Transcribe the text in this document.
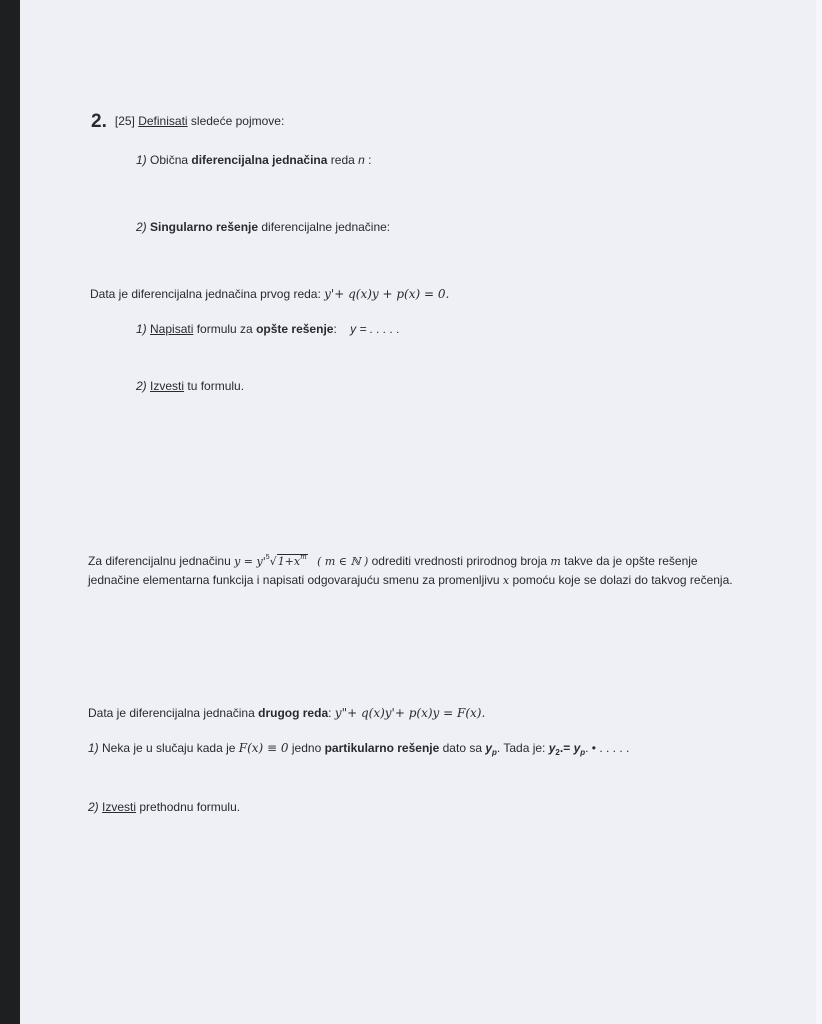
2. [25] Definisati sledeće pojmove:
1) Obična diferencijalna jednačina reda n :
2) Singularno rešenje diferencijalne jednačine:
Data je diferencijalna jednačina prvog reda: y'+ q(x)y + p(x) = 0.
1) Napisati formulu za opšte rešenje: y = . . . . .
2) Izvesti tu formulu.
Za diferencijalnu jednačinu $y = y'^5√1+x^m$ ( m ∈ ℕ ) odrediti vrednosti prirodnog broja m takve da je opšte rešenje
jednačine elementarna funkcija i napisati odgovarajuću smenu za promenljivu x pomoću koje se dolazi do takvog rečenja.
Data je diferencijalna jednačina drugog reda: y"+ q(x)y'+ p(x)y = F(x).
1) Neka je u slučaju kada je F(x) ≡ 0 jedno partikularno rešenje dato sa $y_p$. Tada je: $y_2.= y_p$. • . . . . .
2) Izvesti prethodnu formulu.
